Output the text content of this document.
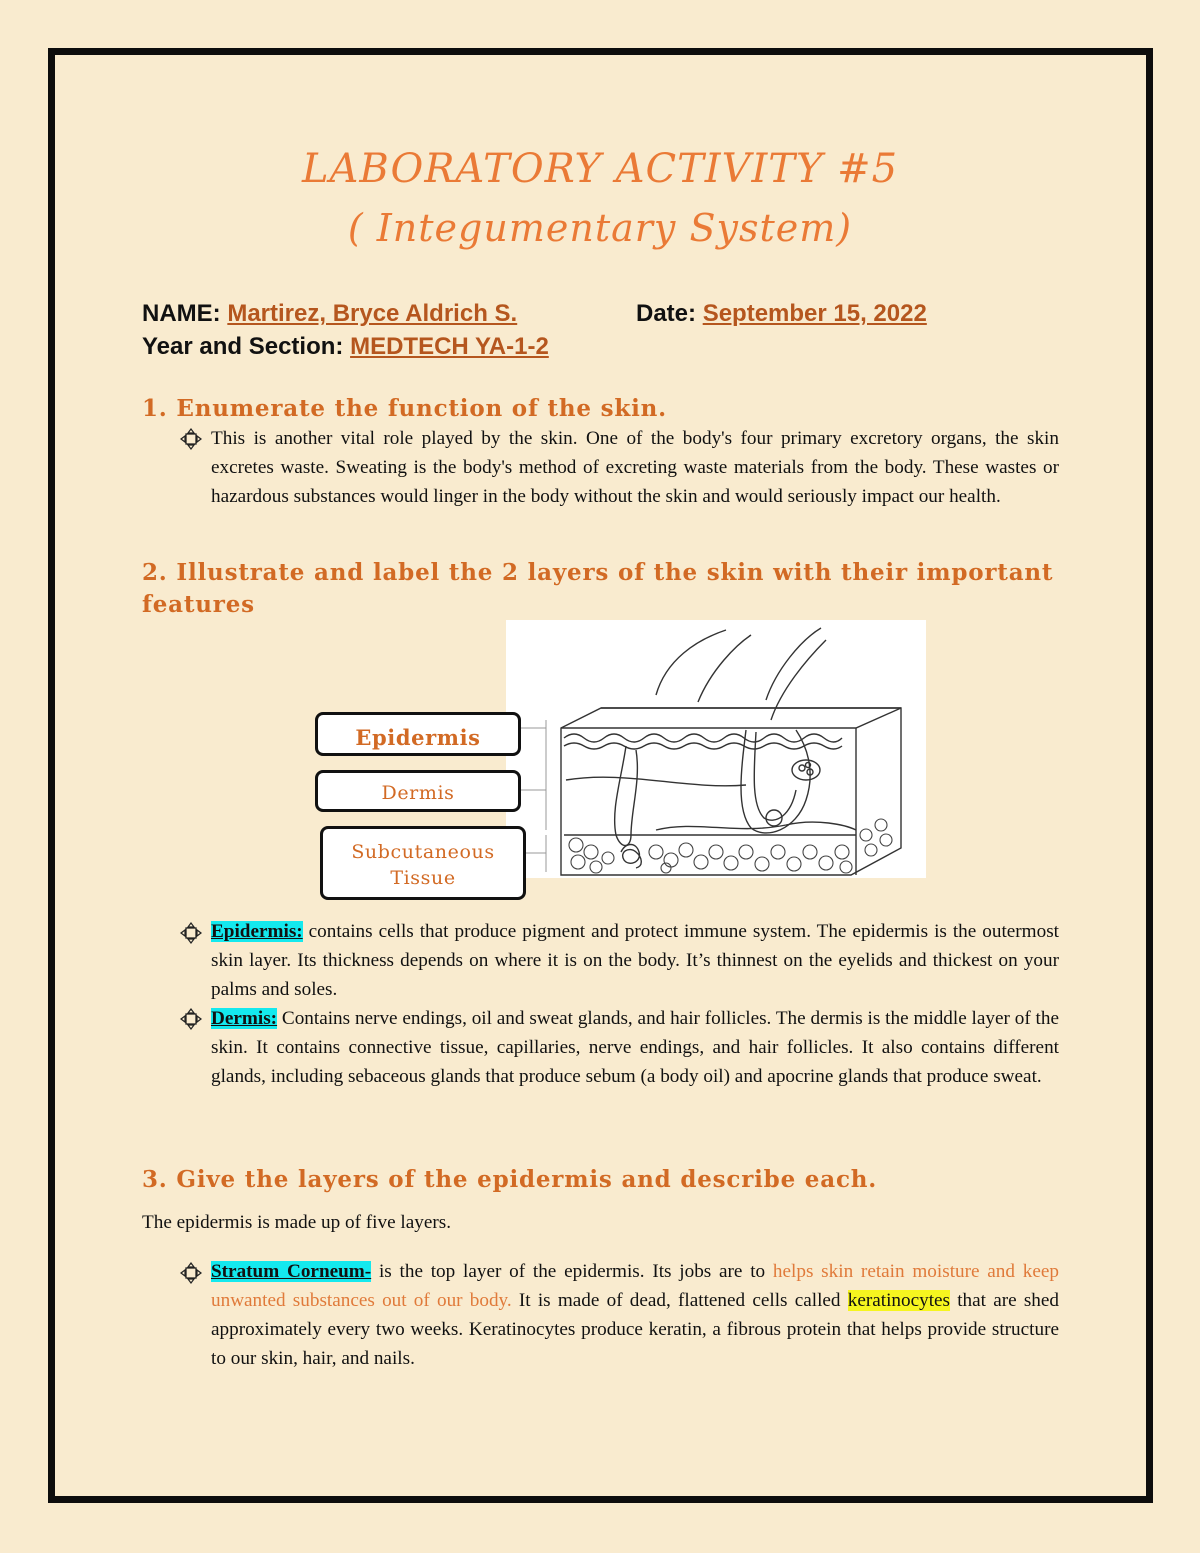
LABORATORY ACTIVITY #5
( Integumentary System)
NAME: Martirez, Bryce Aldrich S.	Date: September 15, 2022
Year and Section: MEDTECH YA-1-2
1. Enumerate the function of the skin.

This is another vital role played by the skin. One of the body's four primary excretory organs, the skin excretes waste. Sweating is the body's method of excreting waste materials from the body. These wastes or hazardous substances would linger in the body without the skin and would seriously impact our health.

2. Illustrate and label the 2 layers of the skin with their important
features
Epidermis
Dermis
Subcutaneous
Tissue

Epidermis: contains cells that produce pigment and protect immune system. The epidermis is the outermost skin layer. Its thickness depends on where it is on the body. It’s thinnest on the eyelids and thickest on your palms and soles.

Dermis: Contains nerve endings, oil and sweat glands, and hair follicles. The dermis is the middle layer of the skin. It contains connective tissue, capillaries, nerve endings, and hair follicles. It also contains different glands, including sebaceous glands that produce sebum (a body oil) and apocrine glands that produce sweat.

3. Give the layers of the epidermis and describe each.
The epidermis is made up of five layers.

Stratum Corneum- is the top layer of the epidermis. Its jobs are to helps skin retain moisture and keep unwanted substances out of our body. It is made of dead, flattened cells called keratinocytes that are shed approximately every two weeks. Keratinocytes produce keratin, a fibrous protein that helps provide structure to our skin, hair, and nails.
